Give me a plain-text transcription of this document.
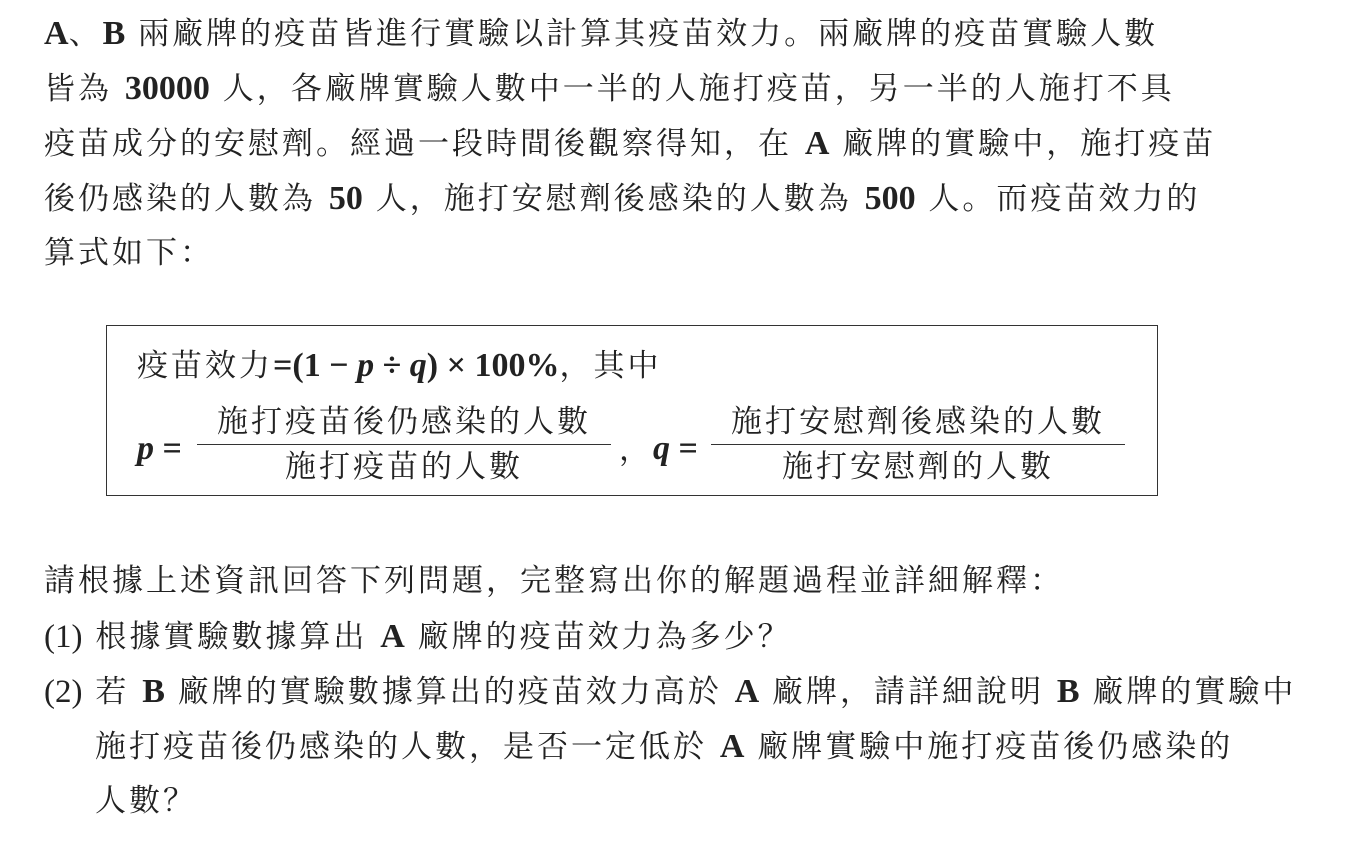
A、B 兩廠牌的疫苗皆進行實驗以計算其疫苗效力。兩廠牌的疫苗實驗人數
皆為 30000 人，各廠牌實驗人數中一半的人施打疫苗，另一半的人施打不具
疫苗成分的安慰劑。經過一段時間後觀察得知，在 A 廠牌的實驗中，施打疫苗
後仍感染的人數為 50 人，施打安慰劑後感染的人數為 500 人。而疫苗效力的
算式如下：
疫苗效力=(1 − p ÷ q) × 100%，其中
p =
施打疫苗後仍感染的人數
施打疫苗的人數	， q =
施打安慰劑後感染的人數
施打安慰劑的人數
請根據上述資訊回答下列問題，完整寫出你的解題過程並詳細解釋：
(1) 根據實驗數據算出 A 廠牌的疫苗效力為多少？
(2) 若 B 廠牌的實驗數據算出的疫苗效力高於 A 廠牌，請詳細說明 B 廠牌的實驗中
施打疫苗後仍感染的人數，是否一定低於 A 廠牌實驗中施打疫苗後仍感染的
人數？
